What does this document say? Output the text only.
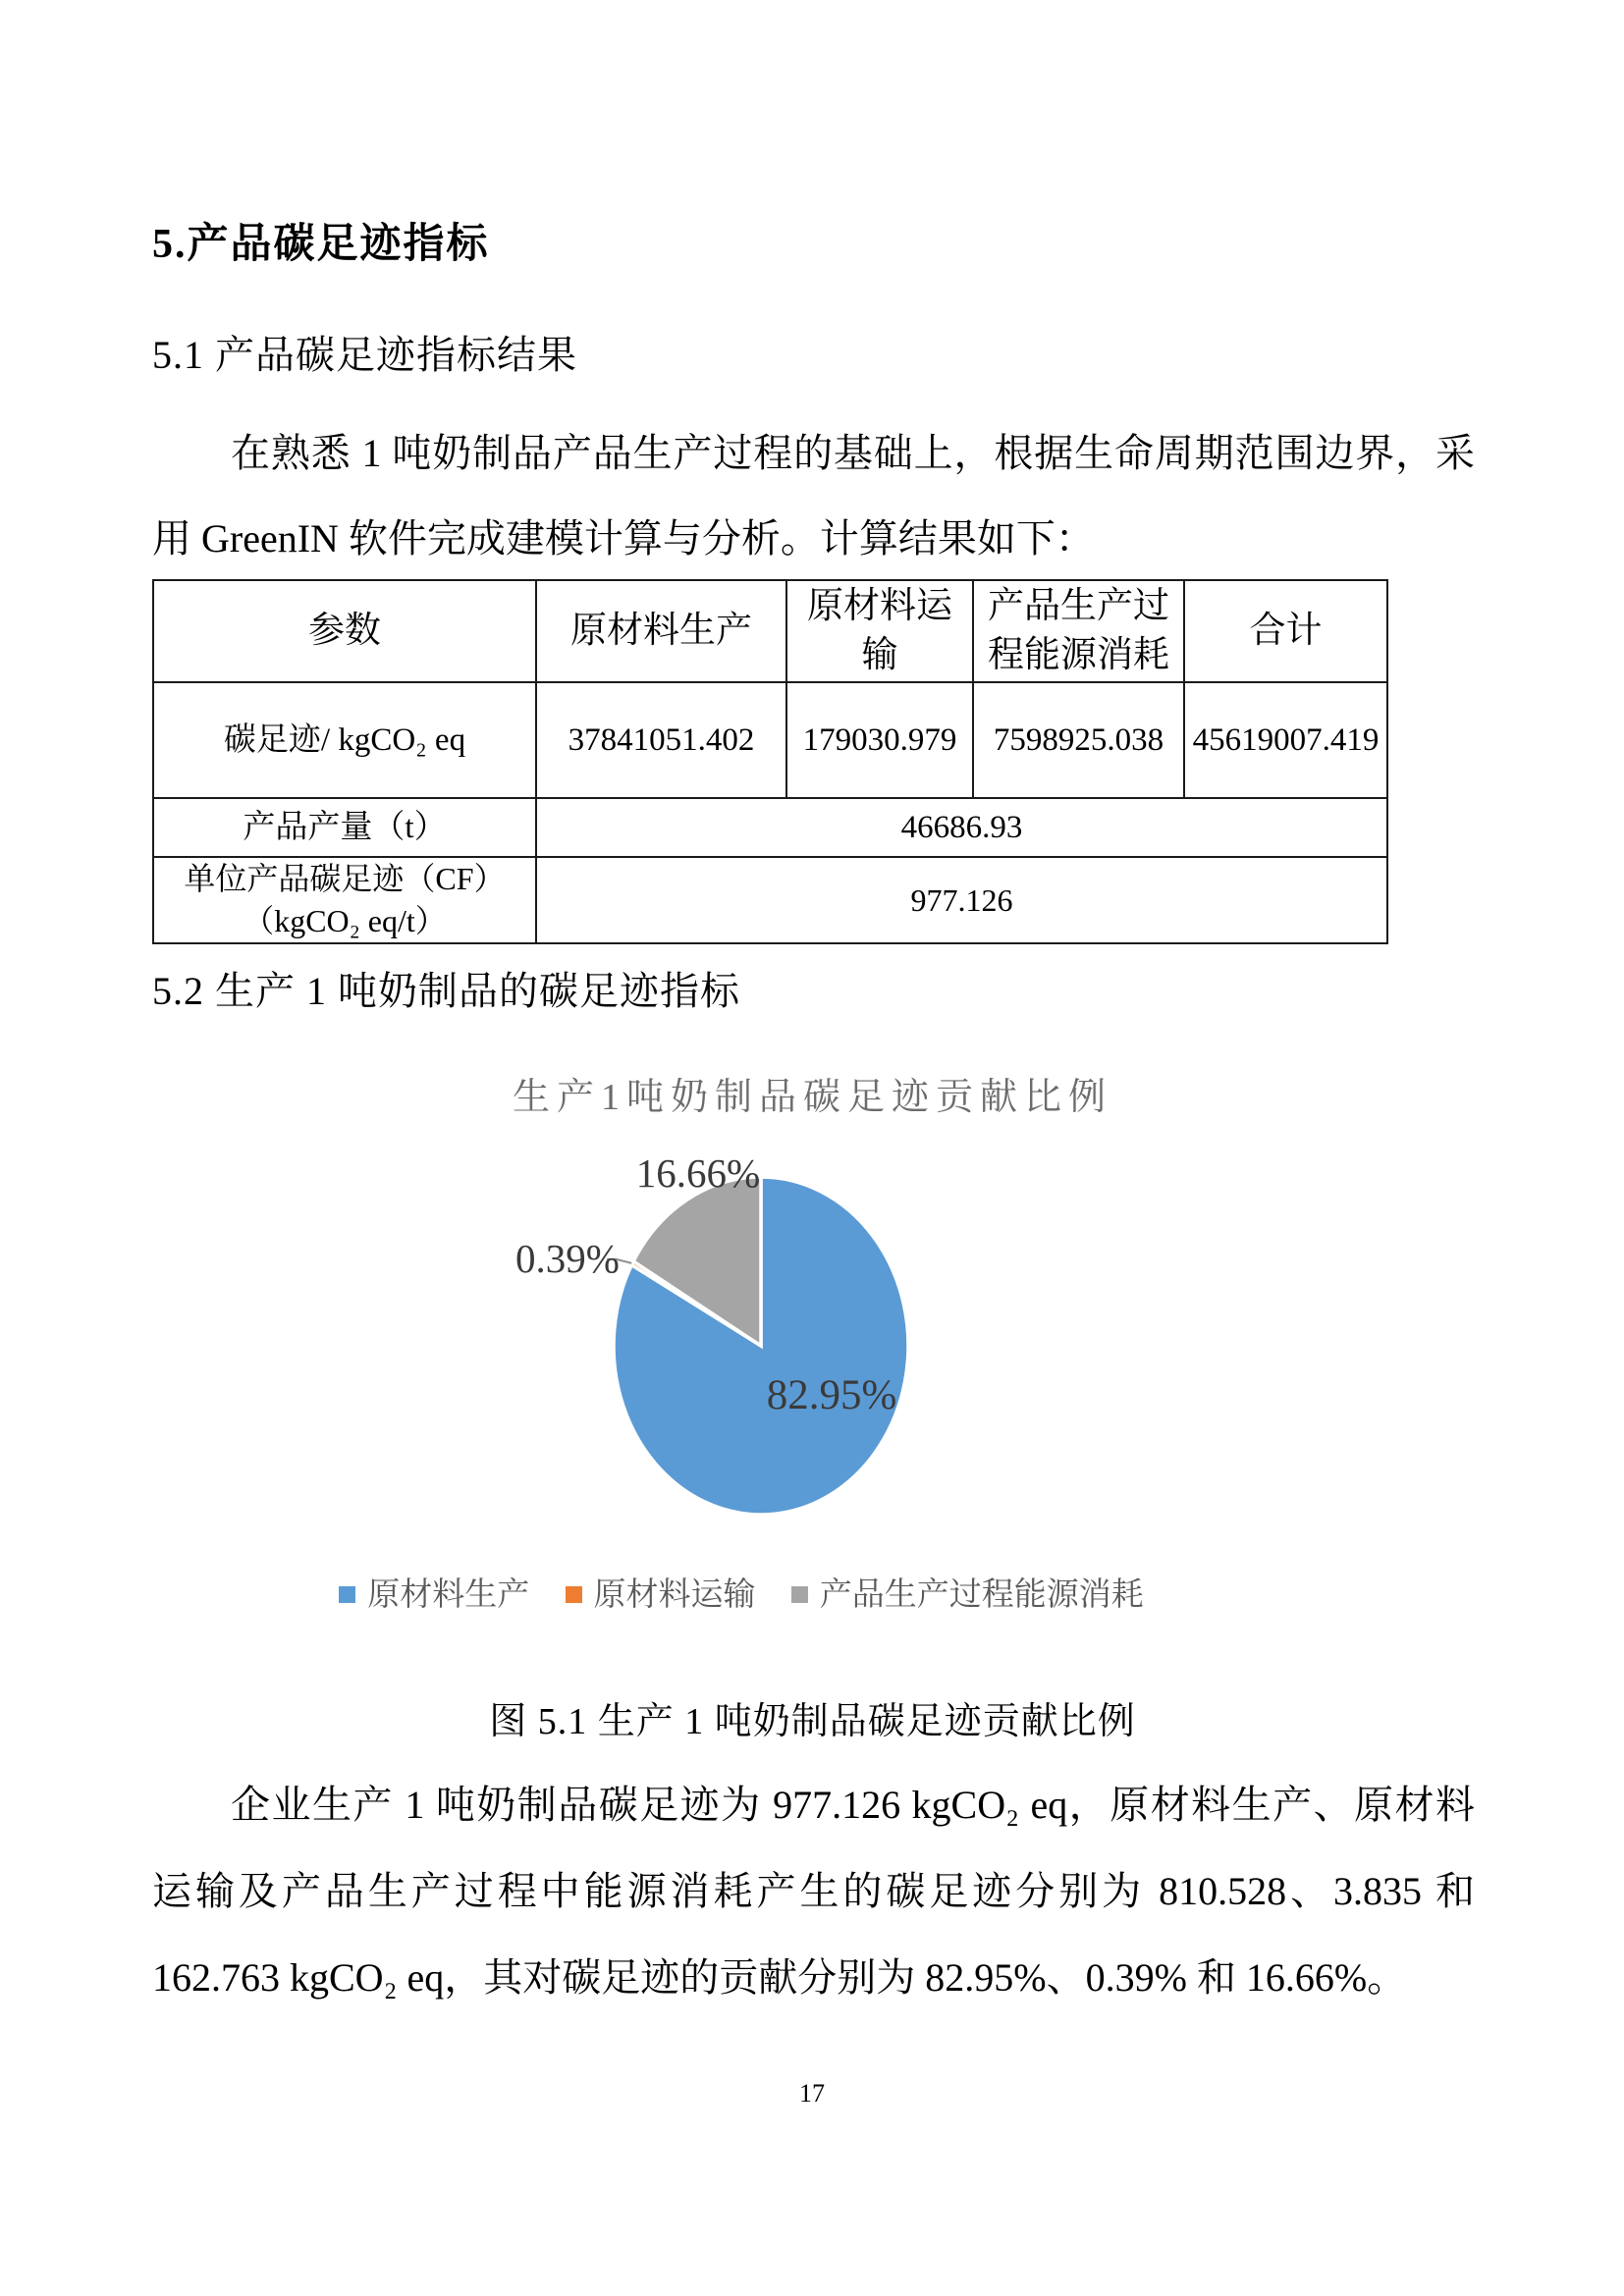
5.产品碳足迹指标
5.1 产品碳足迹指标结果
在熟悉 1 吨奶制品产品生产过程的基础上，根据生命周期范围边界，采用 GreenIN 软件完成建模计算与分析。计算结果如下：
参数	原材料生产	原材料运输	产品生产过程能源消耗	合计
碳足迹/ kgCO₂ eq	37841051.402	179030.979	7598925.038	45619007.419
产品产量（t）	46686.93			
单位产品碳足迹（CF）
（kgCO₂ eq/t）	977.126			
5.2 生产 1 吨奶制品的碳足迹指标
生产1吨奶制品碳足迹贡献比例
16.66%
0.39%
82.95%
原材料生产 原材料运输 产品生产过程能源消耗
图 5.1 生产 1 吨奶制品碳足迹贡献比例
企业生产 1 吨奶制品碳足迹为 977.126 kgCO₂ eq，原材料生产、原材料运输及产品生产过程中能源消耗产生的碳足迹分别为 810.528、3.835 和 162.763 kgCO₂ eq，其对碳足迹的贡献分别为 82.95%、0.39% 和 16.66%。
17
